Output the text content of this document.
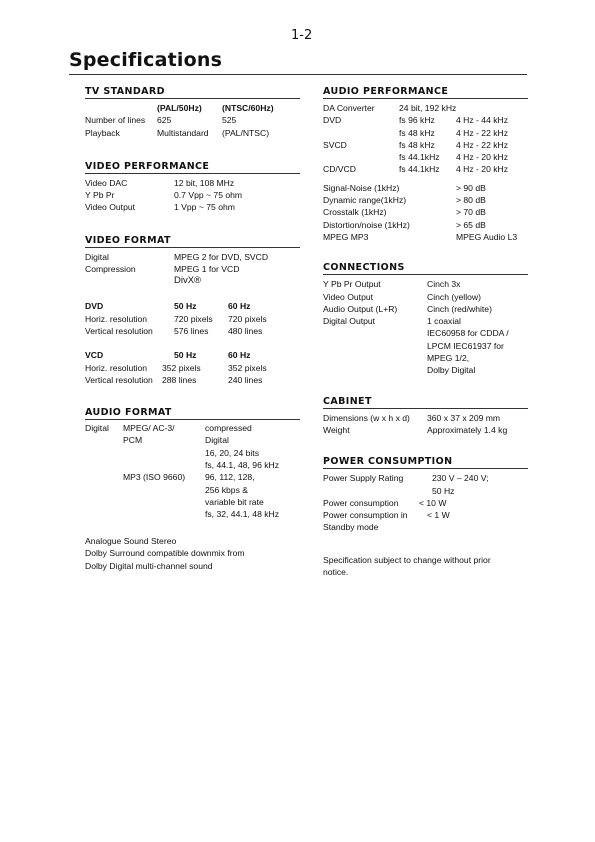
1-2
Specifications
TV STANDARD
(PAL/50Hz) (NTSC/60Hz)
Number of lines 625	525
Playback	Multistandard (PAL/NTSC)
VIDEO PERFORMANCE
Video DAC	12 bit, 108 MHz
Y Pb Pr	0.7 Vpp ~ 75 ohm
Video Output	1 Vpp ~ 75 ohm
VIDEO FORMAT
Digital	MPEG 2 for DVD, SVCD
Compression	MPEG 1 for VCD
DivX®
DVD	50 Hz	60 Hz
Horiz. resolution	720 pixels 720 pixels
Vertical resolution 576 lines 480 lines
VCD	50 Hz	60 Hz
Horiz. resolution 352 pixels	352 pixels
Vertical resolution 288 lines	240 lines
AUDIO FORMAT
Digital MPEG/ AC-3/	compressed
PCM	Digital
16, 20, 24 bits
fs, 44.1, 48, 96 kHz
MP3 (ISO 9660) 96, 112, 128,
256 kbps &
variable bit rate
fs, 32, 44.1, 48 kHz
Analogue Sound Stereo
Dolby Surround compatible downmix from
Dolby Digital multi-channel sound
AUDIO PERFORMANCE
DA Converter	24 bit, 192 kHz
DVD	fs 96 kHz 4 Hz - 44 kHz
fs 48 kHz 4 Hz - 22 kHz
SVCD	fs 48 kHz 4 Hz - 22 kHz
fs 44.1kHz 4 Hz - 20 kHz
CD/VCD	fs 44.1kHz 4 Hz - 20 kHz
Signal-Noise (1kHz)	> 90 dB
Dynamic range(1kHz)	> 80 dB
Crosstalk (1kHz)	> 70 dB
Distortion/noise (1kHz)	> 65 dB
MPEG MP3	MPEG Audio L3
CONNECTIONS
Y Pb Pr Output	Cinch 3x
Video Output	Cinch (yellow)
Audio Output (L+R)	Cinch (red/white)
Digital Output	1 coaxial
IEC60958 for CDDA /
LPCM IEC61937 for
MPEG 1/2,
Dolby Digital
CABINET
Dimensions (w x h x d) 360 x 37 x 209 mm
Weight	Approximately 1.4 kg
POWER CONSUMPTION
Power Supply Rating	230 V – 240 V;
50 Hz
Power consumption < 10 W
Power consumption in < 1 W
Standby mode
Specification subject to change without prior
notice.
